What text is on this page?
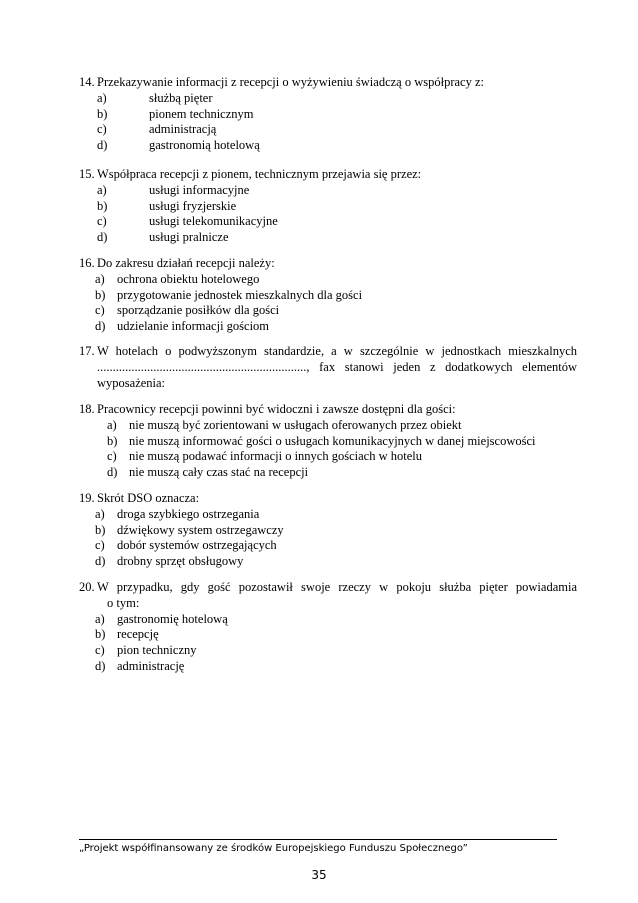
14. Przekazywanie informacji z recepcji o wyżywieniu świadczą o współpracy z:
a)	służbą pięter
b)	pionem technicznym
c)	administracją
d)	gastronomią hotelową
15. Współpraca recepcji z pionem, technicznym przejawia się przez:
a)	usługi informacyjne
b)	usługi fryzjerskie
c)	usługi telekomunikacyjne
d)	usługi pralnicze
16. Do zakresu działań recepcji należy:
a) ochrona obiektu hotelowego
b) przygotowanie jednostek mieszkalnych dla gości
c) sporządzanie posiłków dla gości
d) udzielanie informacji gościom
17. W hotelach o podwyższonym standardzie, a w szczególnie w jednostkach mieszkalnych
..................................................................., fax stanowi jeden z dodatkowych elementów
wyposażenia:
18. Pracownicy recepcji powinni być widoczni i zawsze dostępni dla gości:
a) nie muszą być zorientowani w usługach oferowanych przez obiekt
b) nie muszą informować gości o usługach komunikacyjnych w danej miejscowości
c) nie muszą podawać informacji o innych gościach w hotelu
d) nie muszą cały czas stać na recepcji
19. Skrót DSO oznacza:
a) droga szybkiego ostrzegania
b) dźwiękowy system ostrzegawczy
c) dobór systemów ostrzegających
d) drobny sprzęt obsługowy
20. W przypadku, gdy gość pozostawił swoje rzeczy w pokoju służba pięter powiadamia
o tym:
a) gastronomię hotelową
b) recepcję
c) pion techniczny
d) administrację
„Projekt współfinansowany ze środków Europejskiego Funduszu Społecznego”
35
